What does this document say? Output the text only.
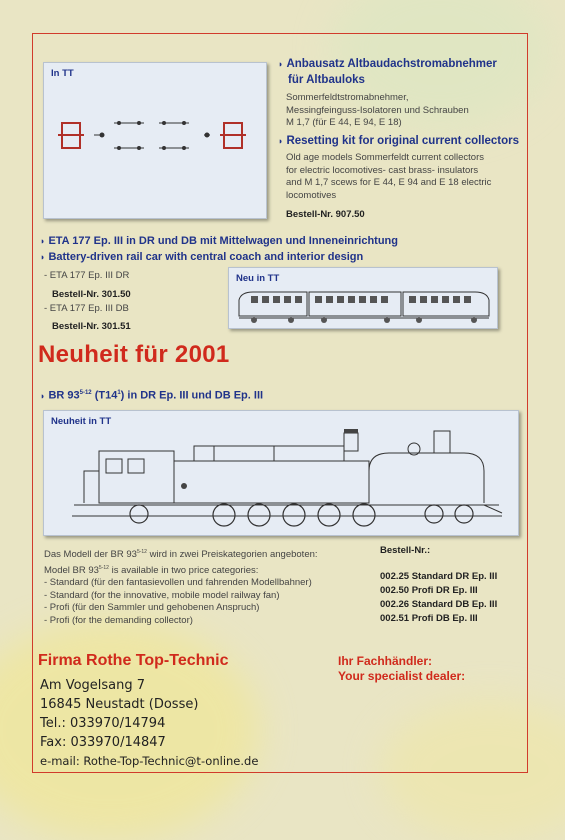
In TT
◗ Anbausatz Altbaudachstromabnehmer
für Altbauloks
Sommerfeldtstromabnehmer,
Messingfeinguss-Isolatoren und Schrauben
M 1,7 (für E 44, E 94, E 18)
◗ Resetting kit for original current collectors
Old age models Sommerfeldt current collectors
for electric locomotives- cast brass- insulators
and M 1,7 scews for E 44, E 94 and E 18 electric
locomotives
Bestell-Nr. 907.50
◗ ETA 177 Ep. III in DR und DB mit Mittelwagen und Inneneinrichtung
◗ Battery-driven rail car with central coach and interior design
- ETA 177 Ep. III DR
Bestell-Nr. 301.50
- ETA 177 Ep. III DB
Bestell-Nr. 301.51
Neu in TT
Neuheit für 2001
◗ BR 93$^{5-12}$ $(T14^1)$ in DR Ep. III und DB Ep. III
Neuheit in TT
Das Modell der BR 93$^{5-12}$ wird in zwei Preiskategorien angeboten:
Model BR 93$^{5-12}$ is available in two price categories:
- Standard (für den fantasievollen und fahrenden Modellbahner)
- Standard (for the innovative, mobile model railway fan)
- Profi (für den Sammler und gehobenen Anspruch)
- Profi (for the demanding collector)
Bestell-Nr.:
002.25 Standard DR Ep. III
002.50 Profi DR Ep. III
002.26 Standard DB Ep. III
002.51 Profi DB Ep. III
Firma Rothe Top-Technic
Am Vogelsang 7
16845 Neustadt (Dosse)
Tel.: 033970/14794
Fax: 033970/14847
e-mail: Rothe-Top-Technic@t-online.de
Ihr Fachhändler:
Your specialist dealer:
